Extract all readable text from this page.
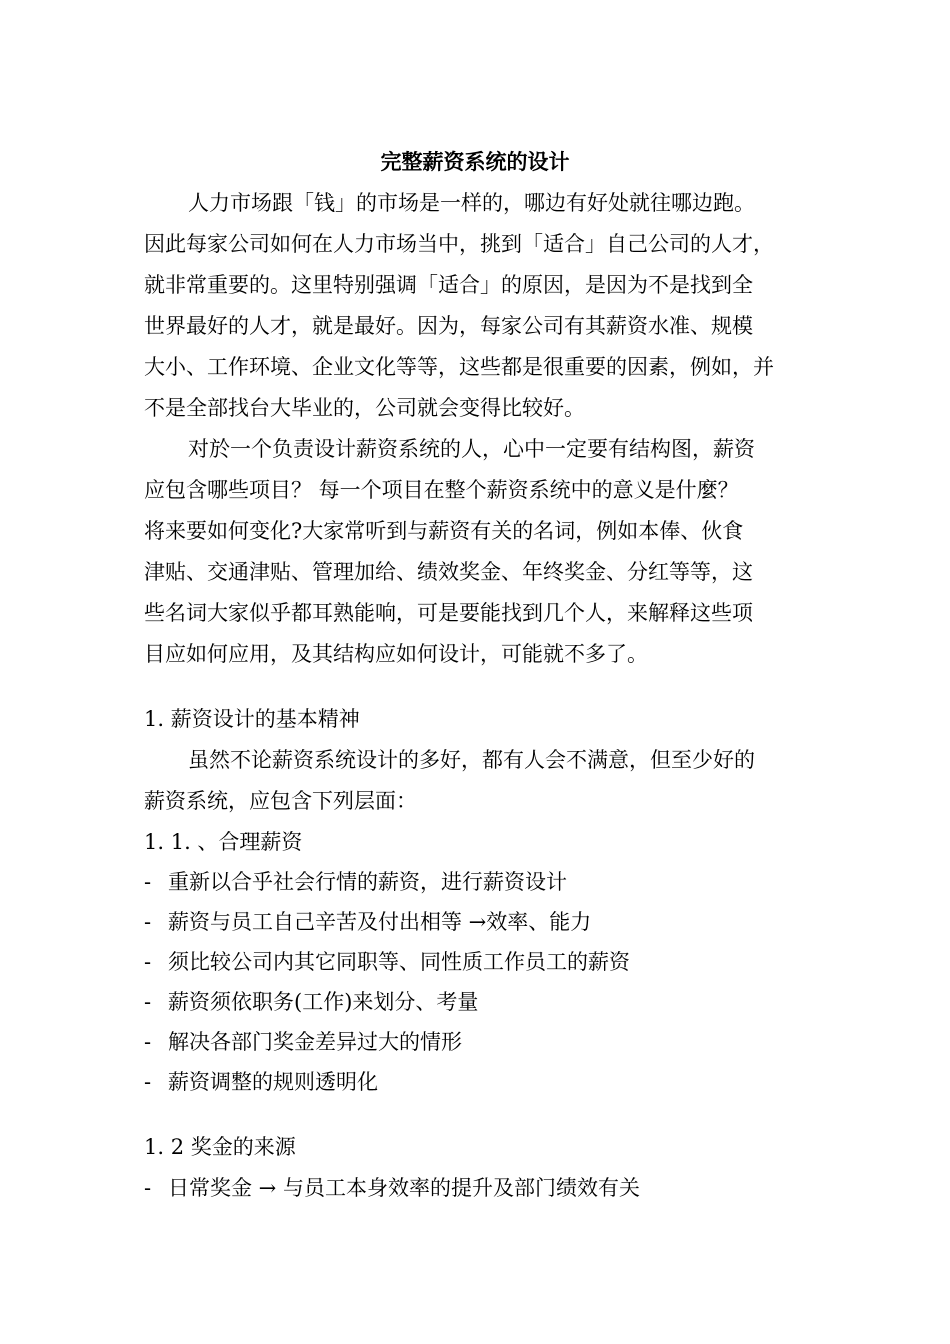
完整薪资系统的设计
人力市场跟「钱」的市场是一样的，哪边有好处就往哪边跑。
因此每家公司如何在人力市场当中，挑到「适合」自己公司的人才，
就非常重要的。这里特别强调「适合」的原因，是因为不是找到全
世界最好的人才，就是最好。因为，每家公司有其薪资水准、规模
大小、工作环境、企业文化等等，这些都是很重要的因素，例如，并
不是全部找台大毕业的，公司就会变得比较好。
对於一个负责设计薪资系统的人，心中一定要有结构图，薪资
应包含哪些项目？ 每一个项目在整个薪资系统中的意义是什麼？
将来要如何变化?大家常听到与薪资有关的名词，例如本俸、伙食
津贴、交通津贴、管理加给、绩效奖金、年终奖金、分红等等，这
些名词大家似乎都耳熟能响，可是要能找到几个人，来解释这些项
目应如何应用，及其结构应如何设计，可能就不多了。
1. 薪资设计的基本精神
虽然不论薪资系统设计的多好，都有人会不满意，但至少好的
薪资系统，应包含下列层面：
1. 1. 、合理薪资
- 重新以合乎社会行情的薪资，进行薪资设计
- 薪资与员工自己辛苦及付出相等 →效率、能力
- 须比较公司内其它同职等、同性质工作员工的薪资
- 薪资须依职务(工作)来划分、考量
- 解决各部门奖金差异过大的情形
- 薪资调整的规则透明化
1. 2 奖金的来源
- 日常奖金 → 与员工本身效率的提升及部门绩效有关
